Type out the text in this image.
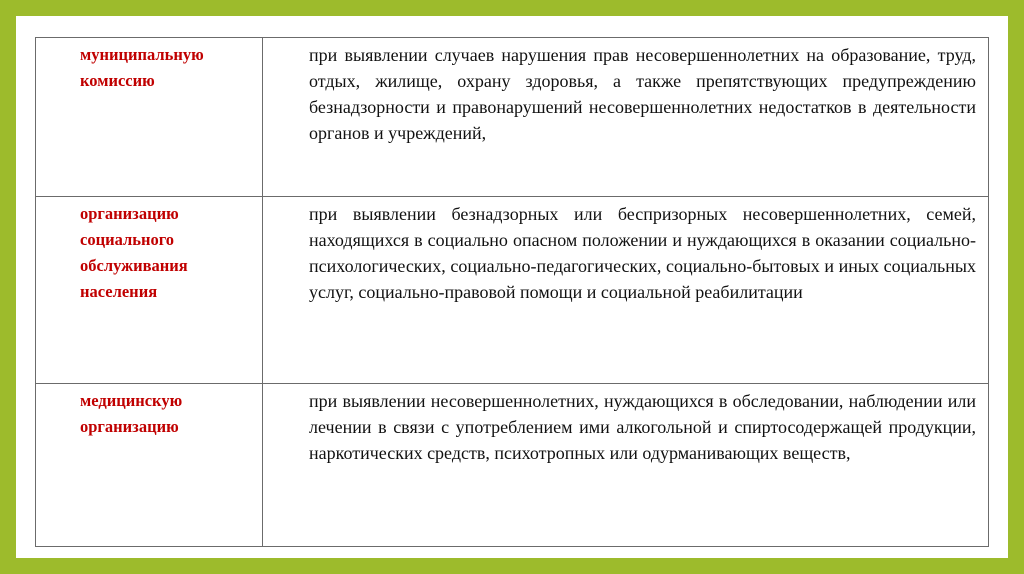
муниципальную комиссию	при выявлении случаев нарушения прав несовершеннолетних на образование, труд, отдых, жилище, охрану здоровья, а также препятствующих предупреждению безнадзорности и правонарушений несовершеннолетних недостатков в деятельности органов и учреждений,

организацию социального обслуживания населения	при выявлении безнадзорных или беспризорных несовершеннолетних, семей, находящихся в социально опасном положении и нуждающихся в оказании социально-психологических, социально-педагогических, социально-бытовых и иных социальных услуг, социально-правовой помощи и социальной реабилитации

медицинскую организацию	при выявлении несовершеннолетних, нуждающихся в обследовании, наблюдении или лечении в связи с употреблением ими алкогольной и спиртосодержащей продукции, наркотических средств, психотропных или одурманивающих веществ,
